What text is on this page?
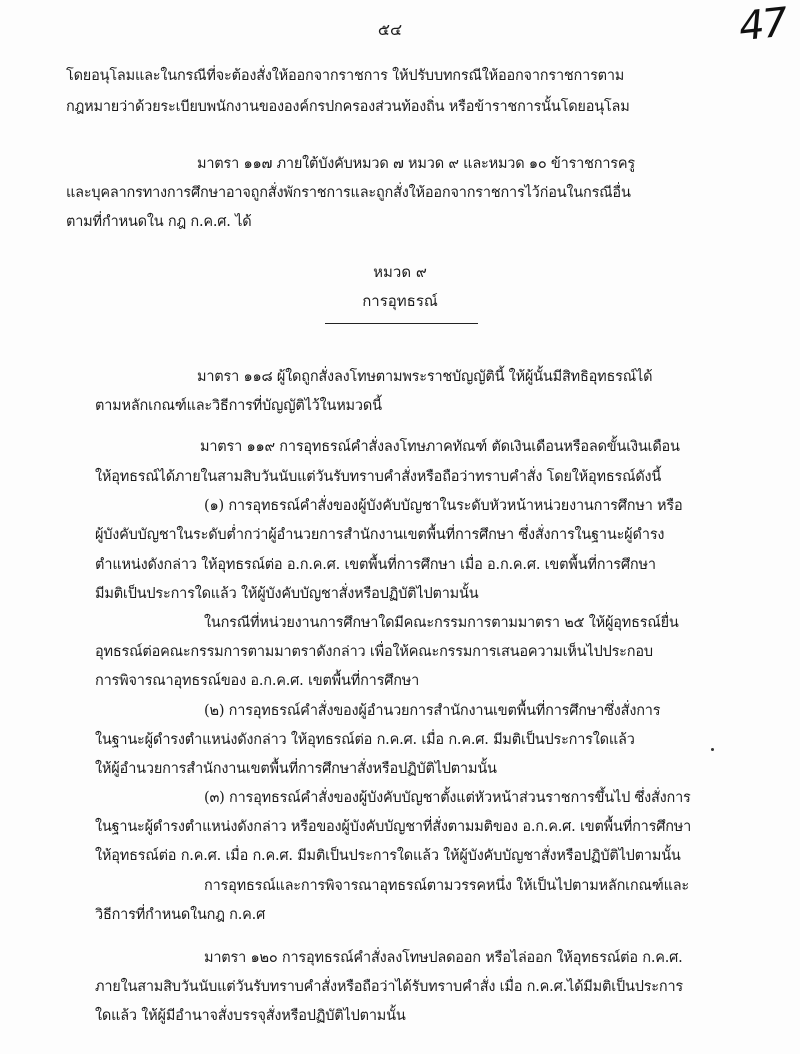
47
๕๔
โดยอนุโลมและในกรณีที่จะต้องสั่งให้ออกจากราชการ ให้ปรับบทกรณีให้ออกจากราชการตาม
กฎหมายว่าด้วยระเบียบพนักงานขององค์กรปกครองส่วนท้องถิ่น หรือข้าราชการนั้นโดยอนุโลม
มาตรา ๑๑๗ ภายใต้บังคับหมวด ๗ หมวด ๙ และหมวด ๑๐ ข้าราชการครู
และบุคลากรทางการศึกษาอาจถูกสั่งพักราชการและถูกสั่งให้ออกจากราชการไว้ก่อนในกรณีอื่น
ตามที่กำหนดใน กฎ ก.ค.ศ. ได้
หมวด ๙
การอุทธรณ์
มาตรา ๑๑๘ ผู้ใดถูกสั่งลงโทษตามพระราชบัญญัตินี้ ให้ผู้นั้นมีสิทธิอุทธรณ์ได้
ตามหลักเกณฑ์และวิธีการที่บัญญัติไว้ในหมวดนี้
มาตรา ๑๑๙ การอุทธรณ์คำสั่งลงโทษภาคทัณฑ์ ตัดเงินเดือนหรือลดขั้นเงินเดือน
ให้อุทธรณ์ได้ภายในสามสิบวันนับแต่วันรับทราบคำสั่งหรือถือว่าทราบคำสั่ง โดยให้อุทธรณ์ดังนี้
(๑) การอุทธรณ์คำสั่งของผู้บังคับบัญชาในระดับหัวหน้าหน่วยงานการศึกษา หรือ
ผู้บังคับบัญชาในระดับต่ำกว่าผู้อำนวยการสำนักงานเขตพื้นที่การศึกษา ซึ่งสั่งการในฐานะผู้ดำรง
ตำแหน่งดังกล่าว ให้อุทธรณ์ต่อ อ.ก.ค.ศ. เขตพื้นที่การศึกษา เมื่อ อ.ก.ค.ศ. เขตพื้นที่การศึกษา
มีมติเป็นประการใดแล้ว ให้ผู้บังคับบัญชาสั่งหรือปฏิบัติไปตามนั้น
ในกรณีที่หน่วยงานการศึกษาใดมีคณะกรรมการตามมาตรา ๒๕ ให้ผู้อุทธรณ์ยื่น
อุทธรณ์ต่อคณะกรรมการตามมาตราดังกล่าว เพื่อให้คณะกรรมการเสนอความเห็นไปประกอบ
การพิจารณาอุทธรณ์ของ อ.ก.ค.ศ. เขตพื้นที่การศึกษา
(๒) การอุทธรณ์คำสั่งของผู้อำนวยการสำนักงานเขตพื้นที่การศึกษาซึ่งสั่งการ
ในฐานะผู้ดำรงตำแหน่งดังกล่าว ให้อุทธรณ์ต่อ ก.ค.ศ. เมื่อ ก.ค.ศ. มีมติเป็นประการใดแล้ว
ให้ผู้อำนวยการสำนักงานเขตพื้นที่การศึกษาสั่งหรือปฏิบัติไปตามนั้น
(๓) การอุทธรณ์คำสั่งของผู้บังคับบัญชาตั้งแต่หัวหน้าส่วนราชการขึ้นไป ซึ่งสั่งการ
ในฐานะผู้ดำรงตำแหน่งดังกล่าว หรือของผู้บังคับบัญชาที่สั่งตามมติของ อ.ก.ค.ศ. เขตพื้นที่การศึกษา
ให้อุทธรณ์ต่อ ก.ค.ศ. เมื่อ ก.ค.ศ. มีมติเป็นประการใดแล้ว ให้ผู้บังคับบัญชาสั่งหรือปฏิบัติไปตามนั้น
การอุทธรณ์และการพิจารณาอุทธรณ์ตามวรรคหนึ่ง ให้เป็นไปตามหลักเกณฑ์และ
วิธีการที่กำหนดในกฎ ก.ค.ศ
มาตรา ๑๒๐ การอุทธรณ์คำสั่งลงโทษปลดออก หรือไล่ออก ให้อุทธรณ์ต่อ ก.ค.ศ.
ภายในสามสิบวันนับแต่วันรับทราบคำสั่งหรือถือว่าได้รับทราบคำสั่ง เมื่อ ก.ค.ศ.ได้มีมติเป็นประการ
ใดแล้ว ให้ผู้มีอำนาจสั่งบรรจุสั่งหรือปฏิบัติไปตามนั้น
